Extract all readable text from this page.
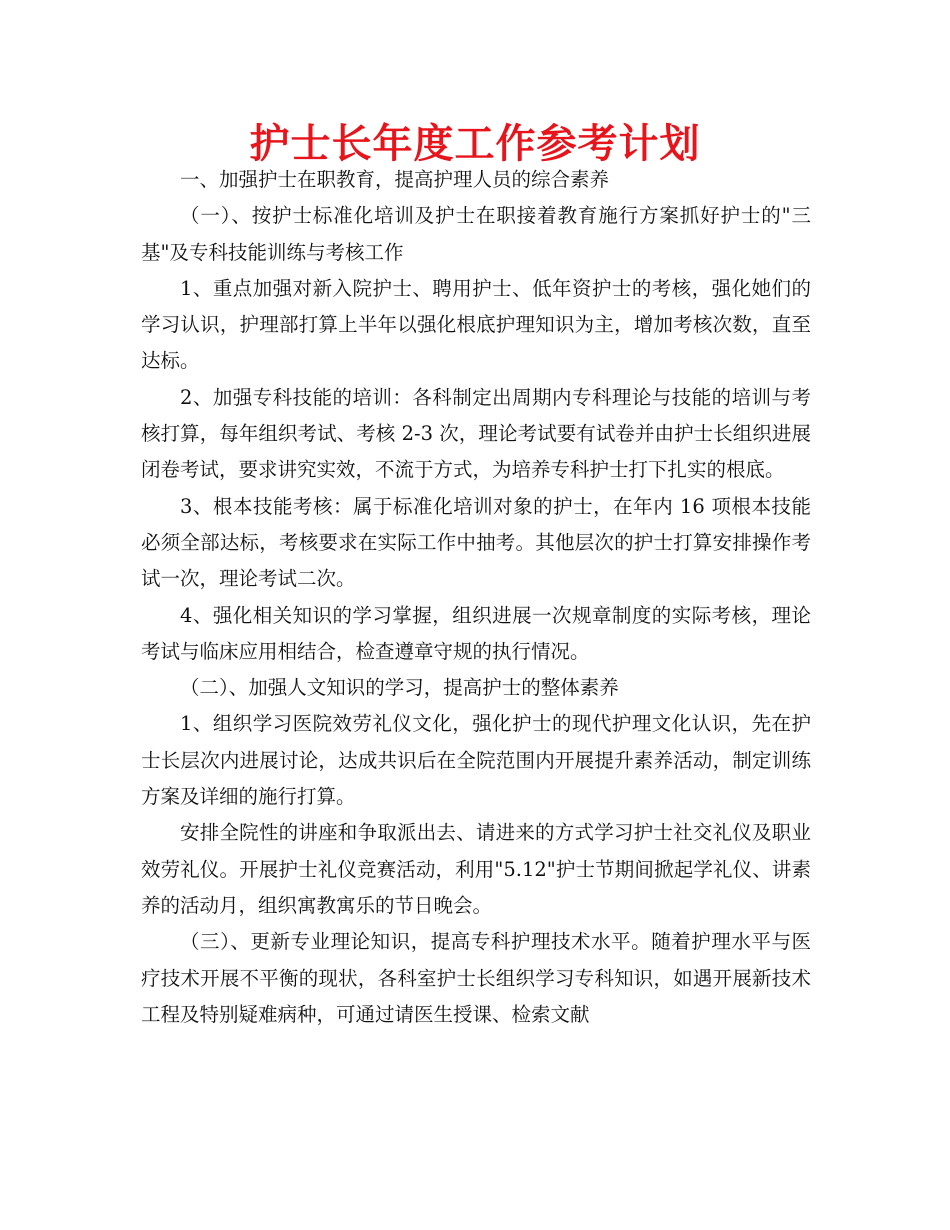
护士长年度工作参考计划

一、加强护士在职教育，提高护理人员的综合素养

（一）、按护士标准化培训及护士在职接着教育施行方案抓好护士的"三基"及专科技能训练与考核工作

1、重点加强对新入院护士、聘用护士、低年资护士的考核，强化她们的学习认识，护理部打算上半年以强化根底护理知识为主，增加考核次数，直至达标。

2、加强专科技能的培训：各科制定出周期内专科理论与技能的培训与考核打算，每年组织考试、考核 2-3 次，理论考试要有试卷并由护士长组织进展闭卷考试，要求讲究实效，不流于方式，为培养专科护士打下扎实的根底。

3、根本技能考核：属于标准化培训对象的护士，在年内 16 项根本技能必须全部达标，考核要求在实际工作中抽考。其他层次的护士打算安排操作考试一次，理论考试二次。

4、强化相关知识的学习掌握，组织进展一次规章制度的实际考核，理论考试与临床应用相结合，检查遵章守规的执行情况。

（二）、加强人文知识的学习，提高护士的整体素养

1、组织学习医院效劳礼仪文化，强化护士的现代护理文化认识，先在护士长层次内进展讨论，达成共识后在全院范围内开展提升素养活动，制定训练方案及详细的施行打算。

安排全院性的讲座和争取派出去、请进来的方式学习护士社交礼仪及职业效劳礼仪。开展护士礼仪竞赛活动，利用"5.12"护士节期间掀起学礼仪、讲素养的活动月，组织寓教寓乐的节日晚会。

（三）、更新专业理论知识，提高专科护理技术水平。随着护理水平与医疗技术开展不平衡的现状，各科室护士长组织学习专科知识，如遇开展新技术工程及特别疑难病种，可通过请医生授课、检索文献
